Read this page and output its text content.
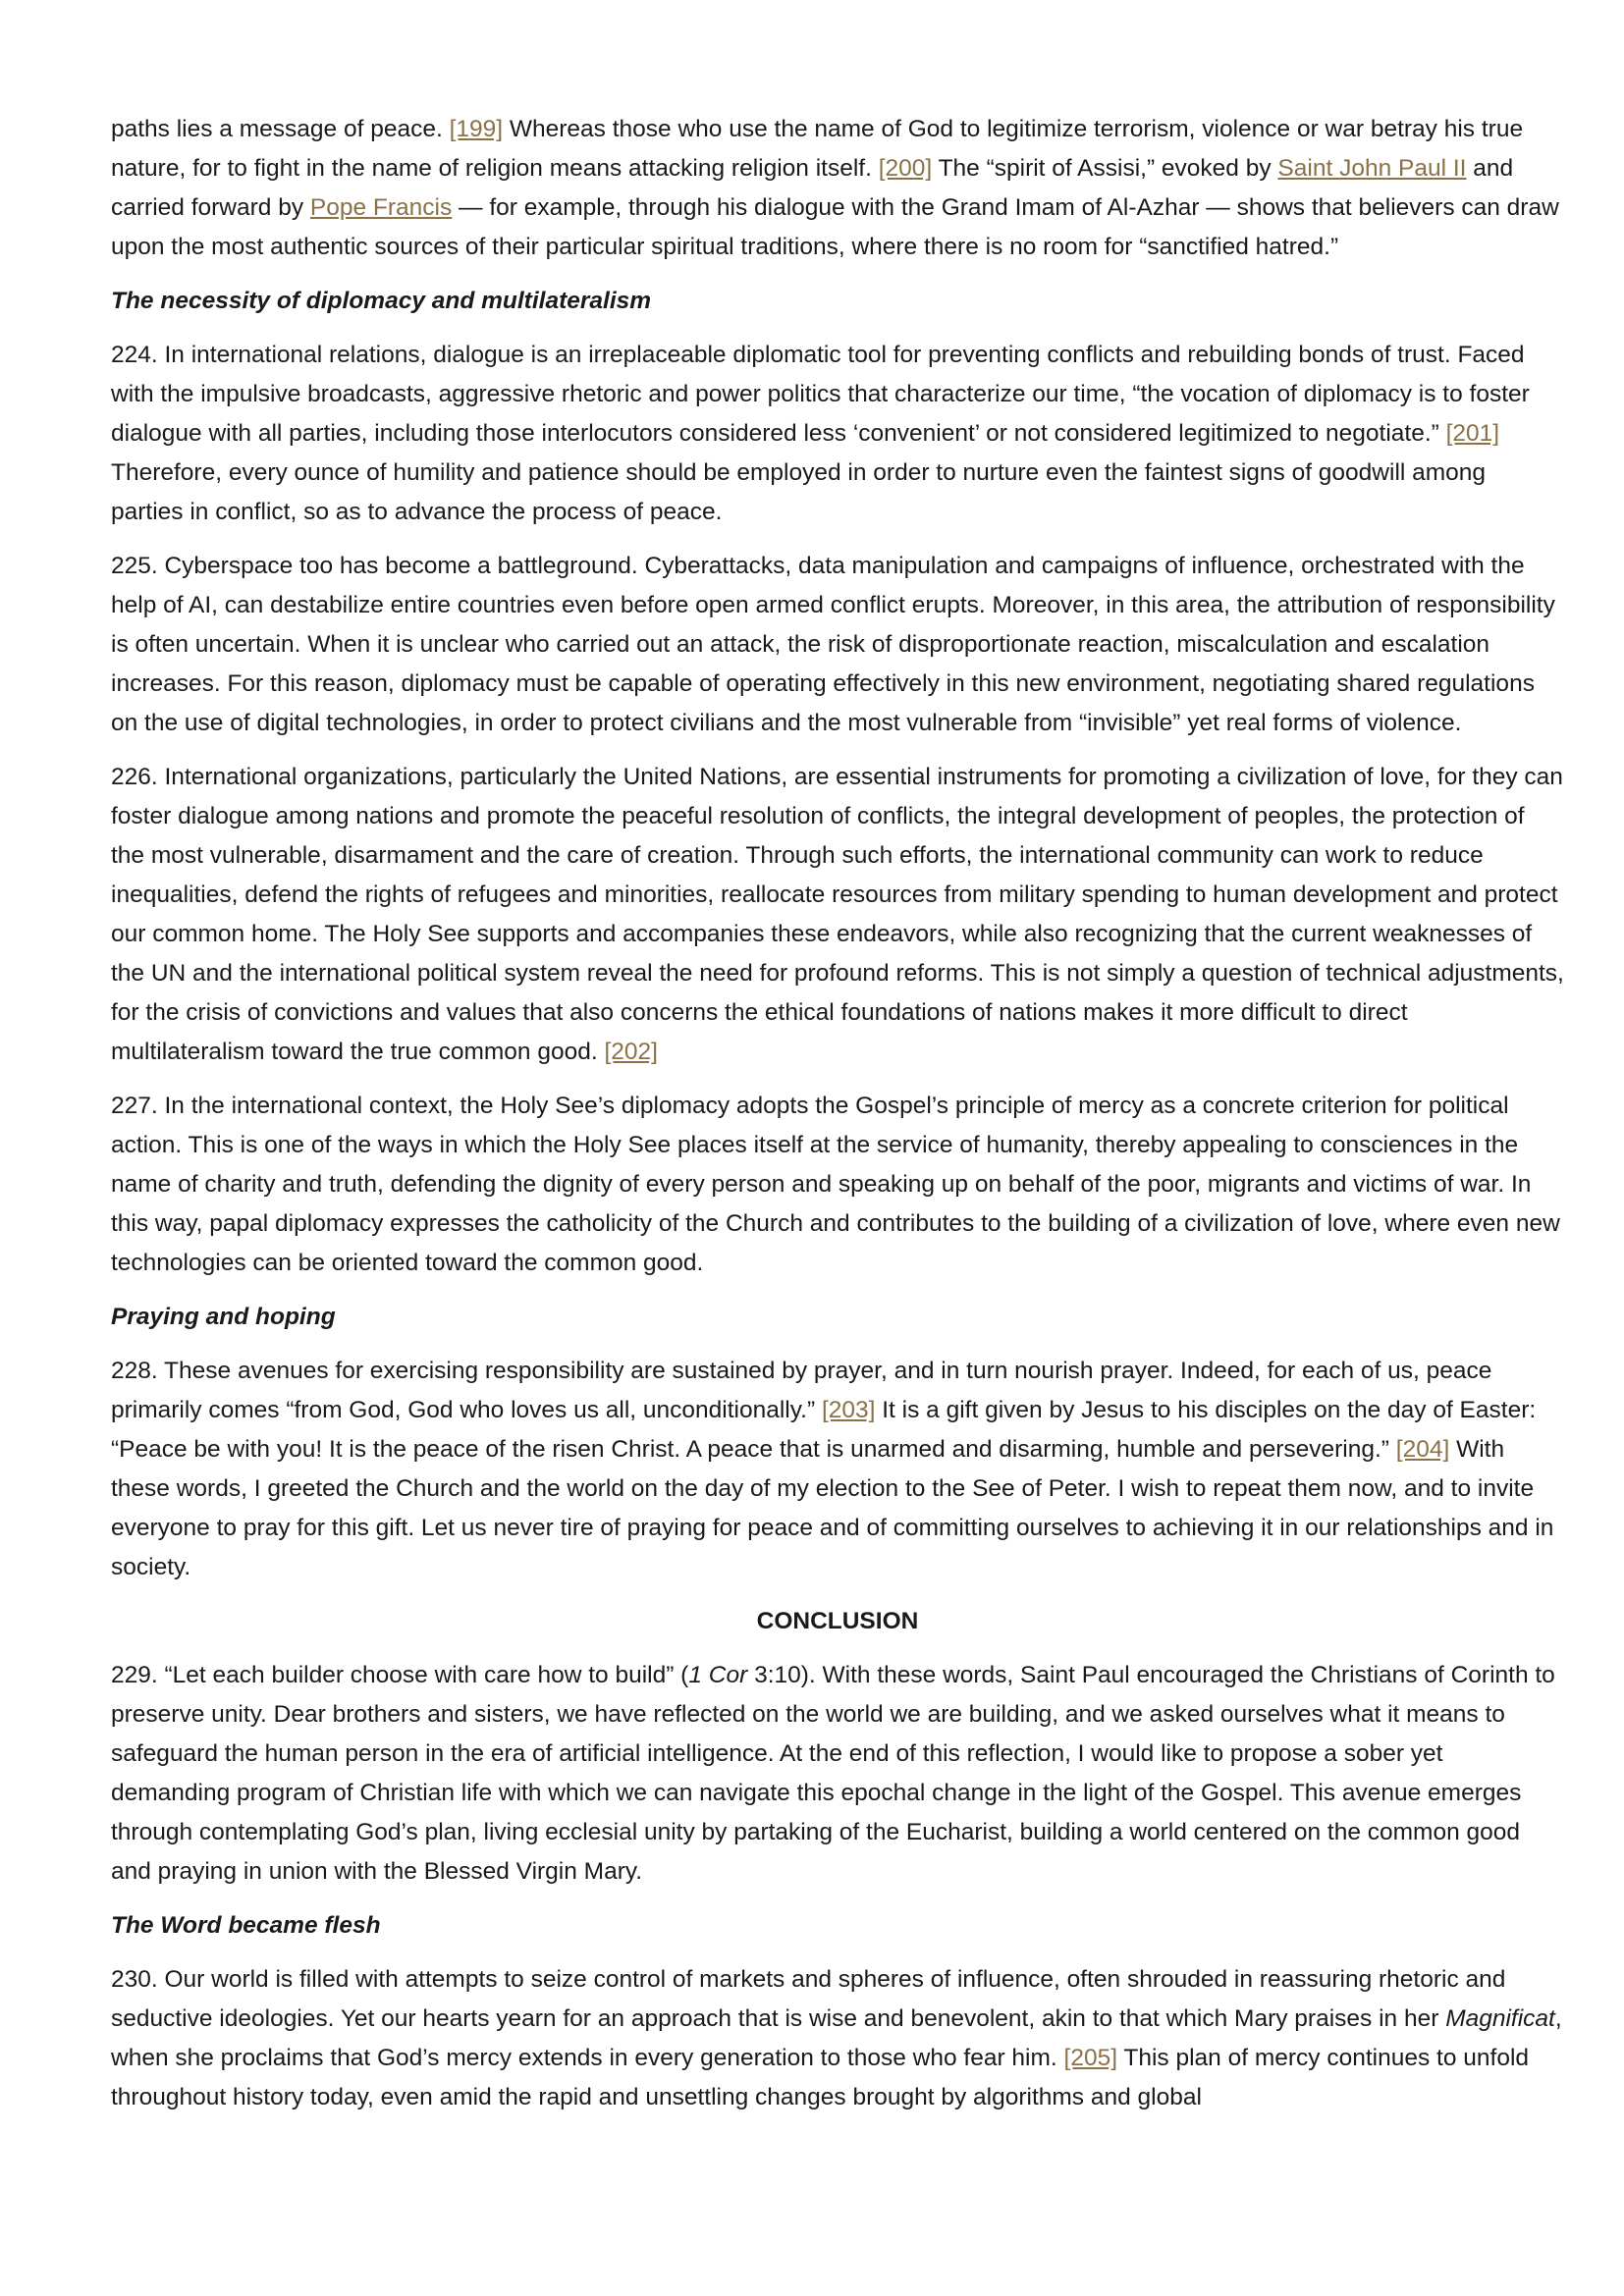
paths lies a message of peace. [199] Whereas those who use the name of God to legitimize terrorism, violence or war betray his true nature, for to fight in the name of religion means attacking religion itself. [200] The “spirit of Assisi,” evoked by Saint John Paul II and carried forward by Pope Francis — for example, through his dialogue with the Grand Imam of Al-Azhar — shows that believers can draw upon the most authentic sources of their particular spiritual traditions, where there is no room for “sanctified hatred.”

The necessity of diplomacy and multilateralism

224. In international relations, dialogue is an irreplaceable diplomatic tool for preventing conflicts and rebuilding bonds of trust. Faced with the impulsive broadcasts, aggressive rhetoric and power politics that characterize our time, “the vocation of diplomacy is to foster dialogue with all parties, including those interlocutors considered less ‘convenient’ or not considered legitimized to negotiate.” [201] Therefore, every ounce of humility and patience should be employed in order to nurture even the faintest signs of goodwill among parties in conflict, so as to advance the process of peace.

225. Cyberspace too has become a battleground. Cyberattacks, data manipulation and campaigns of influence, orchestrated with the help of AI, can destabilize entire countries even before open armed conflict erupts. Moreover, in this area, the attribution of responsibility is often uncertain. When it is unclear who carried out an attack, the risk of disproportionate reaction, miscalculation and escalation increases. For this reason, diplomacy must be capable of operating effectively in this new environment, negotiating shared regulations on the use of digital technologies, in order to protect civilians and the most vulnerable from “invisible” yet real forms of violence.

226. International organizations, particularly the United Nations, are essential instruments for promoting a civilization of love, for they can foster dialogue among nations and promote the peaceful resolution of conflicts, the integral development of peoples, the protection of the most vulnerable, disarmament and the care of creation. Through such efforts, the international community can work to reduce inequalities, defend the rights of refugees and minorities, reallocate resources from military spending to human development and protect our common home. The Holy See supports and accompanies these endeavors, while also recognizing that the current weaknesses of the UN and the international political system reveal the need for profound reforms. This is not simply a question of technical adjustments, for the crisis of convictions and values that also concerns the ethical foundations of nations makes it more difficult to direct multilateralism toward the true common good. [202]

227. In the international context, the Holy See’s diplomacy adopts the Gospel’s principle of mercy as a concrete criterion for political action. This is one of the ways in which the Holy See places itself at the service of humanity, thereby appealing to consciences in the name of charity and truth, defending the dignity of every person and speaking up on behalf of the poor, migrants and victims of war. In this way, papal diplomacy expresses the catholicity of the Church and contributes to the building of a civilization of love, where even new technologies can be oriented toward the common good.

Praying and hoping

228. These avenues for exercising responsibility are sustained by prayer, and in turn nourish prayer. Indeed, for each of us, peace primarily comes “from God, God who loves us all, unconditionally.” [203] It is a gift given by Jesus to his disciples on the day of Easter: “Peace be with you! It is the peace of the risen Christ. A peace that is unarmed and disarming, humble and persevering.” [204] With these words, I greeted the Church and the world on the day of my election to the See of Peter. I wish to repeat them now, and to invite everyone to pray for this gift. Let us never tire of praying for peace and of committing ourselves to achieving it in our relationships and in society.

CONCLUSION

229. “Let each builder choose with care how to build” (1 Cor 3:10). With these words, Saint Paul encouraged the Christians of Corinth to preserve unity. Dear brothers and sisters, we have reflected on the world we are building, and we asked ourselves what it means to safeguard the human person in the era of artificial intelligence. At the end of this reflection, I would like to propose a sober yet demanding program of Christian life with which we can navigate this epochal change in the light of the Gospel. This avenue emerges through contemplating God’s plan, living ecclesial unity by partaking of the Eucharist, building a world centered on the common good and praying in union with the Blessed Virgin Mary.

The Word became flesh

230. Our world is filled with attempts to seize control of markets and spheres of influence, often shrouded in reassuring rhetoric and seductive ideologies. Yet our hearts yearn for an approach that is wise and benevolent, akin to that which Mary praises in her Magnificat, when she proclaims that God’s mercy extends in every generation to those who fear him. [205] This plan of mercy continues to unfold throughout history today, even amid the rapid and unsettling changes brought by algorithms and global
